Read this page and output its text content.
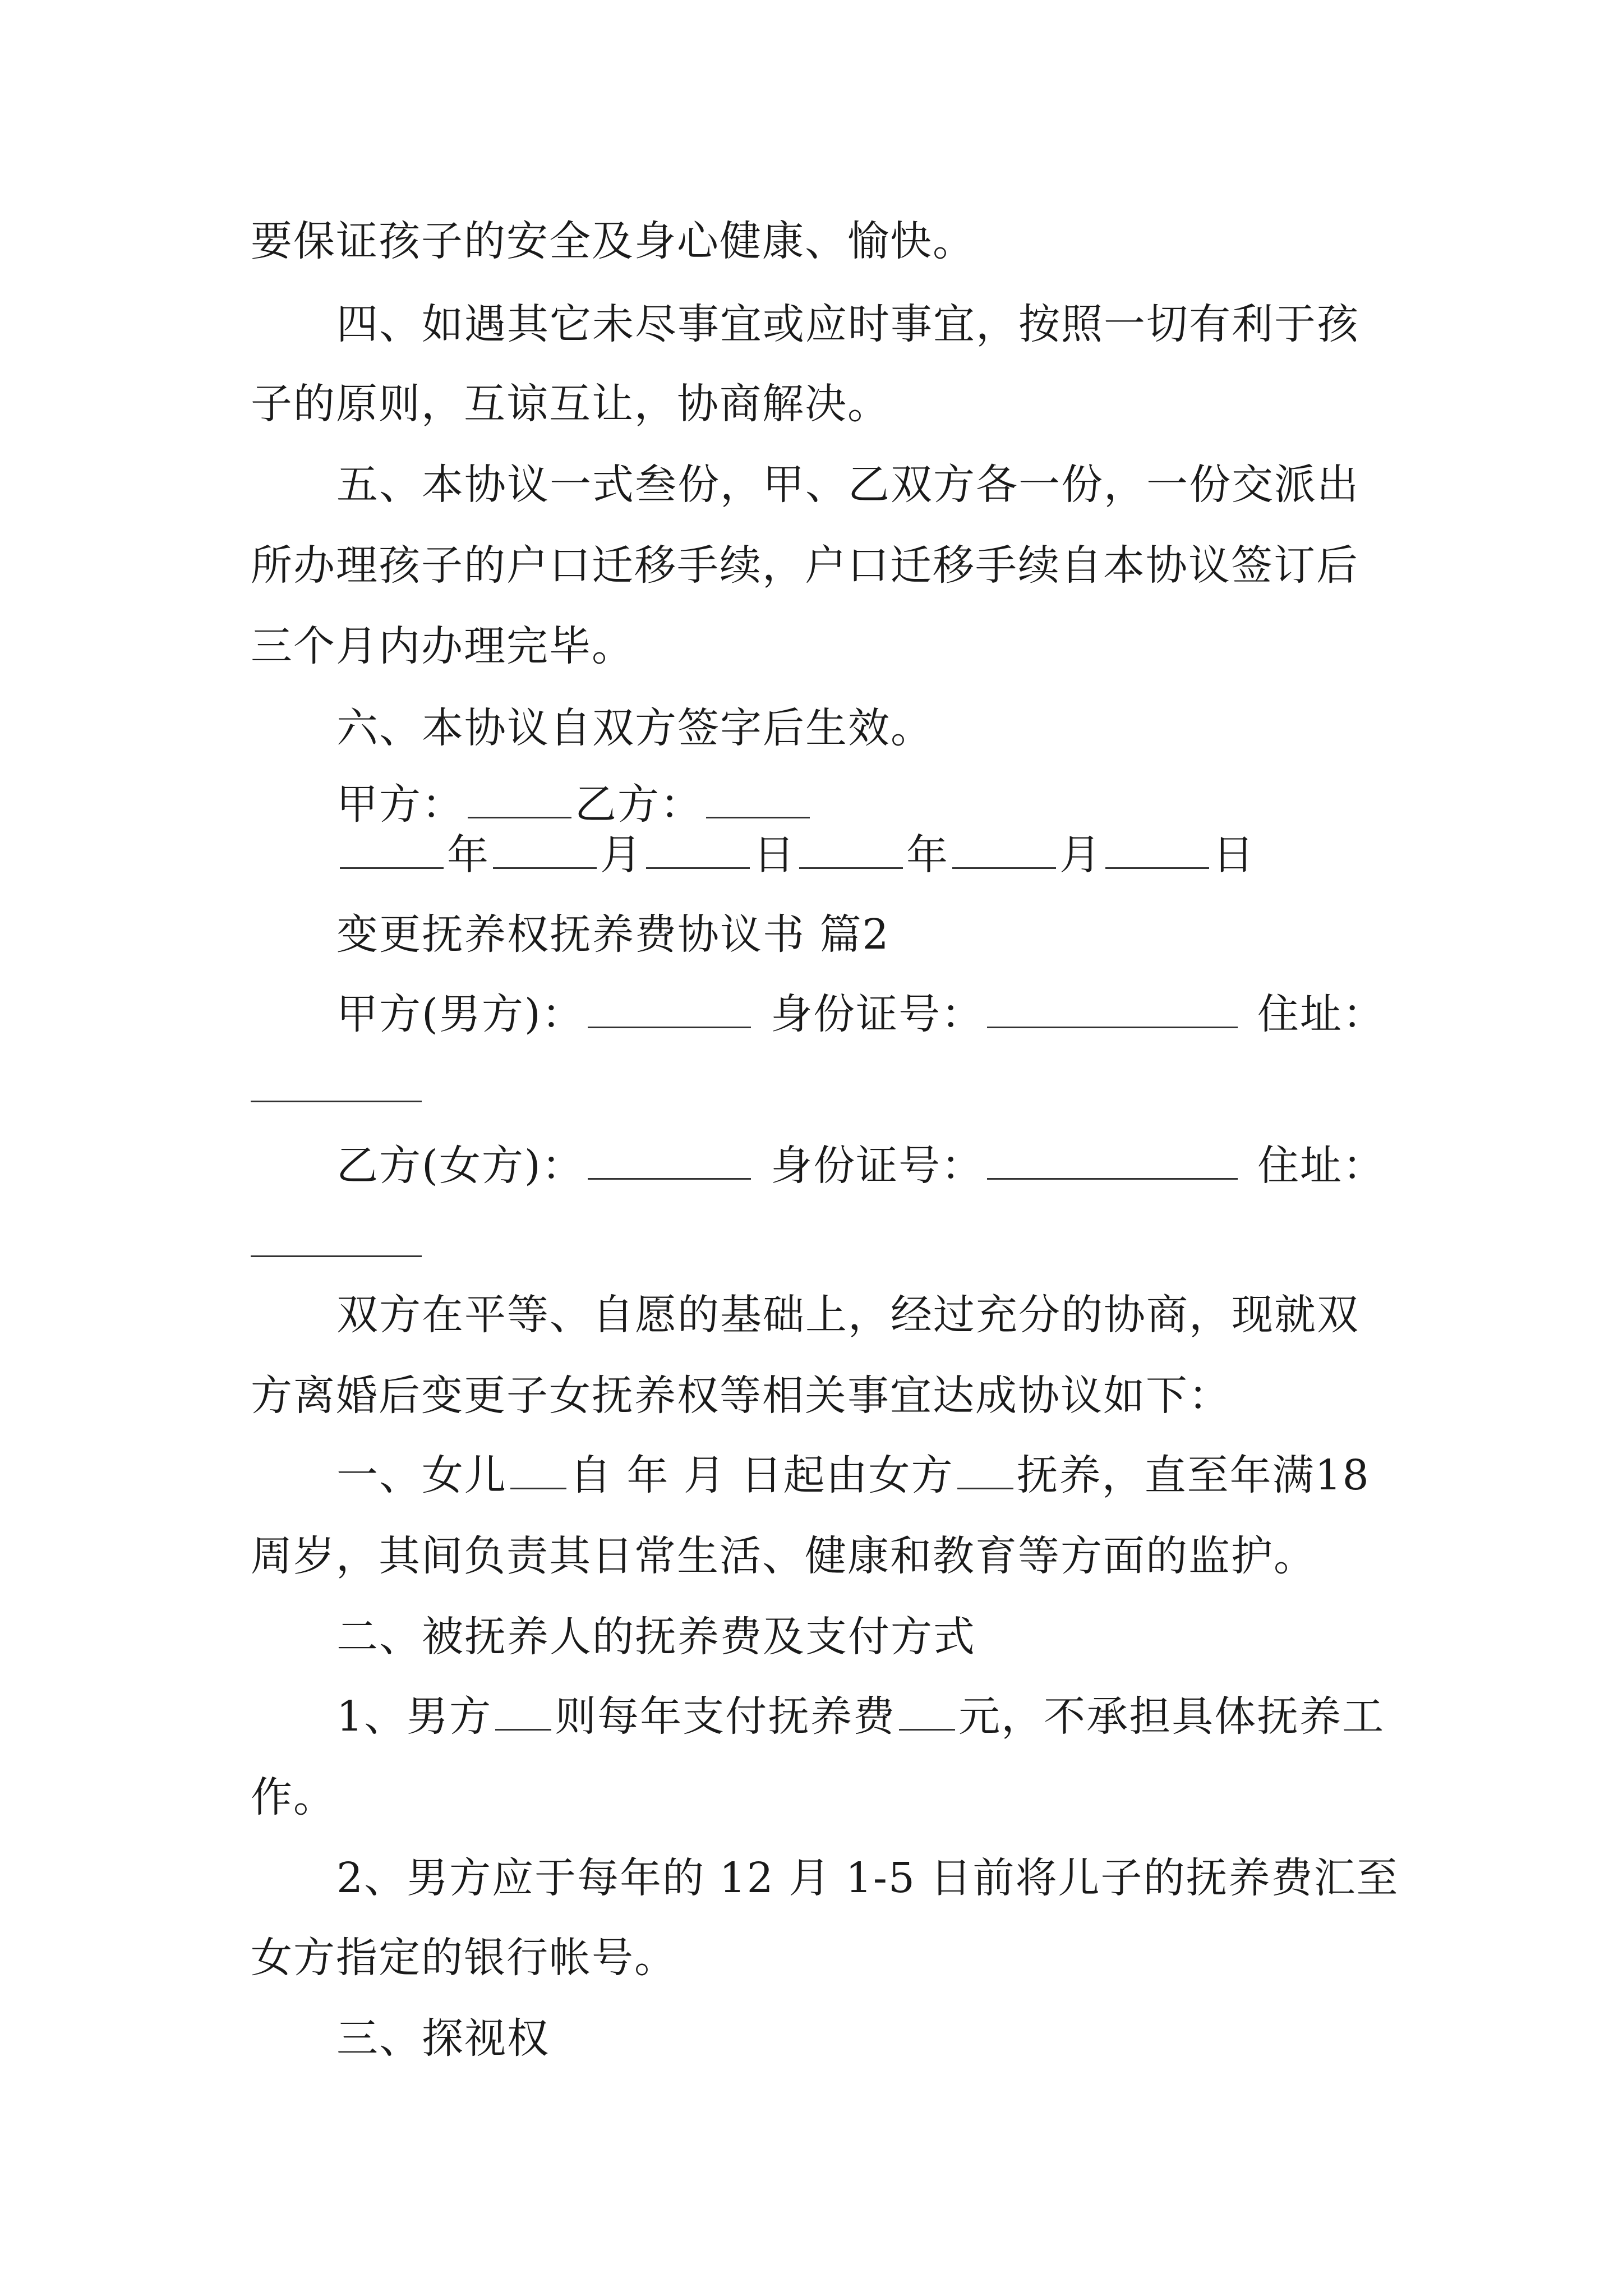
要保证孩子的安全及身心健康、愉快。
四、如遇其它未尽事宜或应时事宜，按照一切有利于孩
子的原则，互谅互让，协商解决。
五、本协议一式叁份，甲、乙双方各一份，一份交派出
所办理孩子的户口迁移手续，户口迁移手续自本协议签订后
三个月内办理完毕。
六、本协议自双方签字后生效。
甲方：	乙方：
年	月	日	年	月	日
变更抚养权抚养费协议书 篇2
甲方(男方)：	身份证号：	住址：
乙方(女方)：	身份证号：	住址：
双方在平等、自愿的基础上，经过充分的协商，现就双
方离婚后变更子女抚养权等相关事宜达成协议如下：
一、女儿 自 年 月 日起由女方 抚养，直至年满18
周岁，其间负责其日常生活、健康和教育等方面的监护。
二、被抚养人的抚养费及支付方式
1、男方 则每年支付抚养费 元，不承担具体抚养工
作。
2、男方应于每年的 12 月 1-5 日前将儿子的抚养费汇至
女方指定的银行帐号。
三、探视权
